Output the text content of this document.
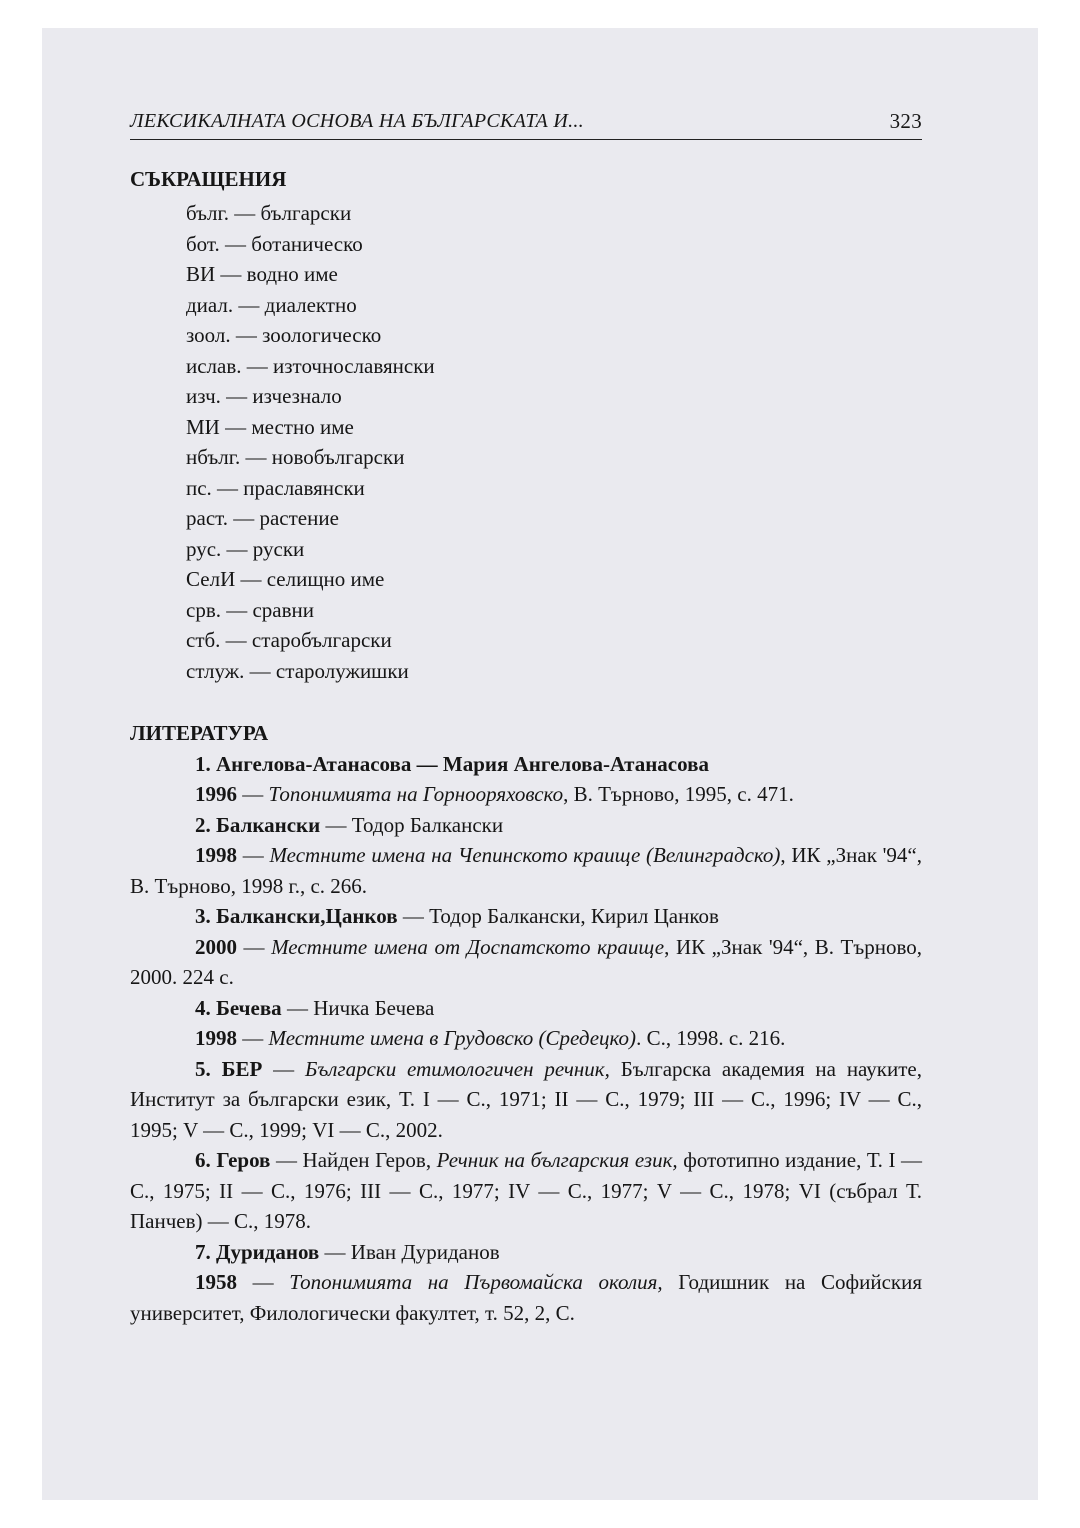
ЛЕКСИКАЛНАТА ОСНОВА НА БЪЛГАРСКАТА И...	323
СЪКРАЩЕНИЯ
бълг. — български
бот. — ботаническо
ВИ — водно име
диал. — диалектно
зоол. — зоологическо
ислав. — източнославянски
изч. — изчезнало
МИ — местно име
нбълг. — новобългарски
пс. — праславянски
раст. — растение
рус. — руски
СелИ — селищно име
срв. — сравни
стб. — старобългарски
стлуж. — старолужишки
ЛИТЕРАТУРА

1. Ангелова-Атанасова — Мария Ангелова-Атанасова

1996 — Топонимията на Горнооряховско, В. Търново, 1995, с. 471.

2. Балкански — Тодор Балкански

1998 — Местните имена на Чепинското краище (Велинградско), ИК „Знак '94“, В. Търново, 1998 г., с. 266.

3. Балкански,Цанков — Тодор Балкански, Кирил Цанков

2000 — Местните имена от Доспатското краище, ИК „Знак '94“, В. Търново, 2000. 224 с.

4. Бечева — Ничка Бечева

1998 — Местните имена в Грудовско (Средецко). С., 1998. с. 216.

5. БЕР — Български етимологичен речник, Българска академия на науките, Институт за български език, Т. I — С., 1971; II — С., 1979; III — С., 1996; IV — С., 1995; V — С., 1999; VI — С., 2002.

6. Геров — Найден Геров, Речник на българския език, фототипно издание, Т. I — С., 1975; II — С., 1976; III — С., 1977; IV — С., 1977; V — С., 1978; VI (събрал Т. Панчев) — С., 1978.

7. Дуриданов — Иван Дуриданов

1958 — Топонимията на Първомайска околия, Годишник на Софийския университет, Филологически факултет, т. 52, 2, С.
